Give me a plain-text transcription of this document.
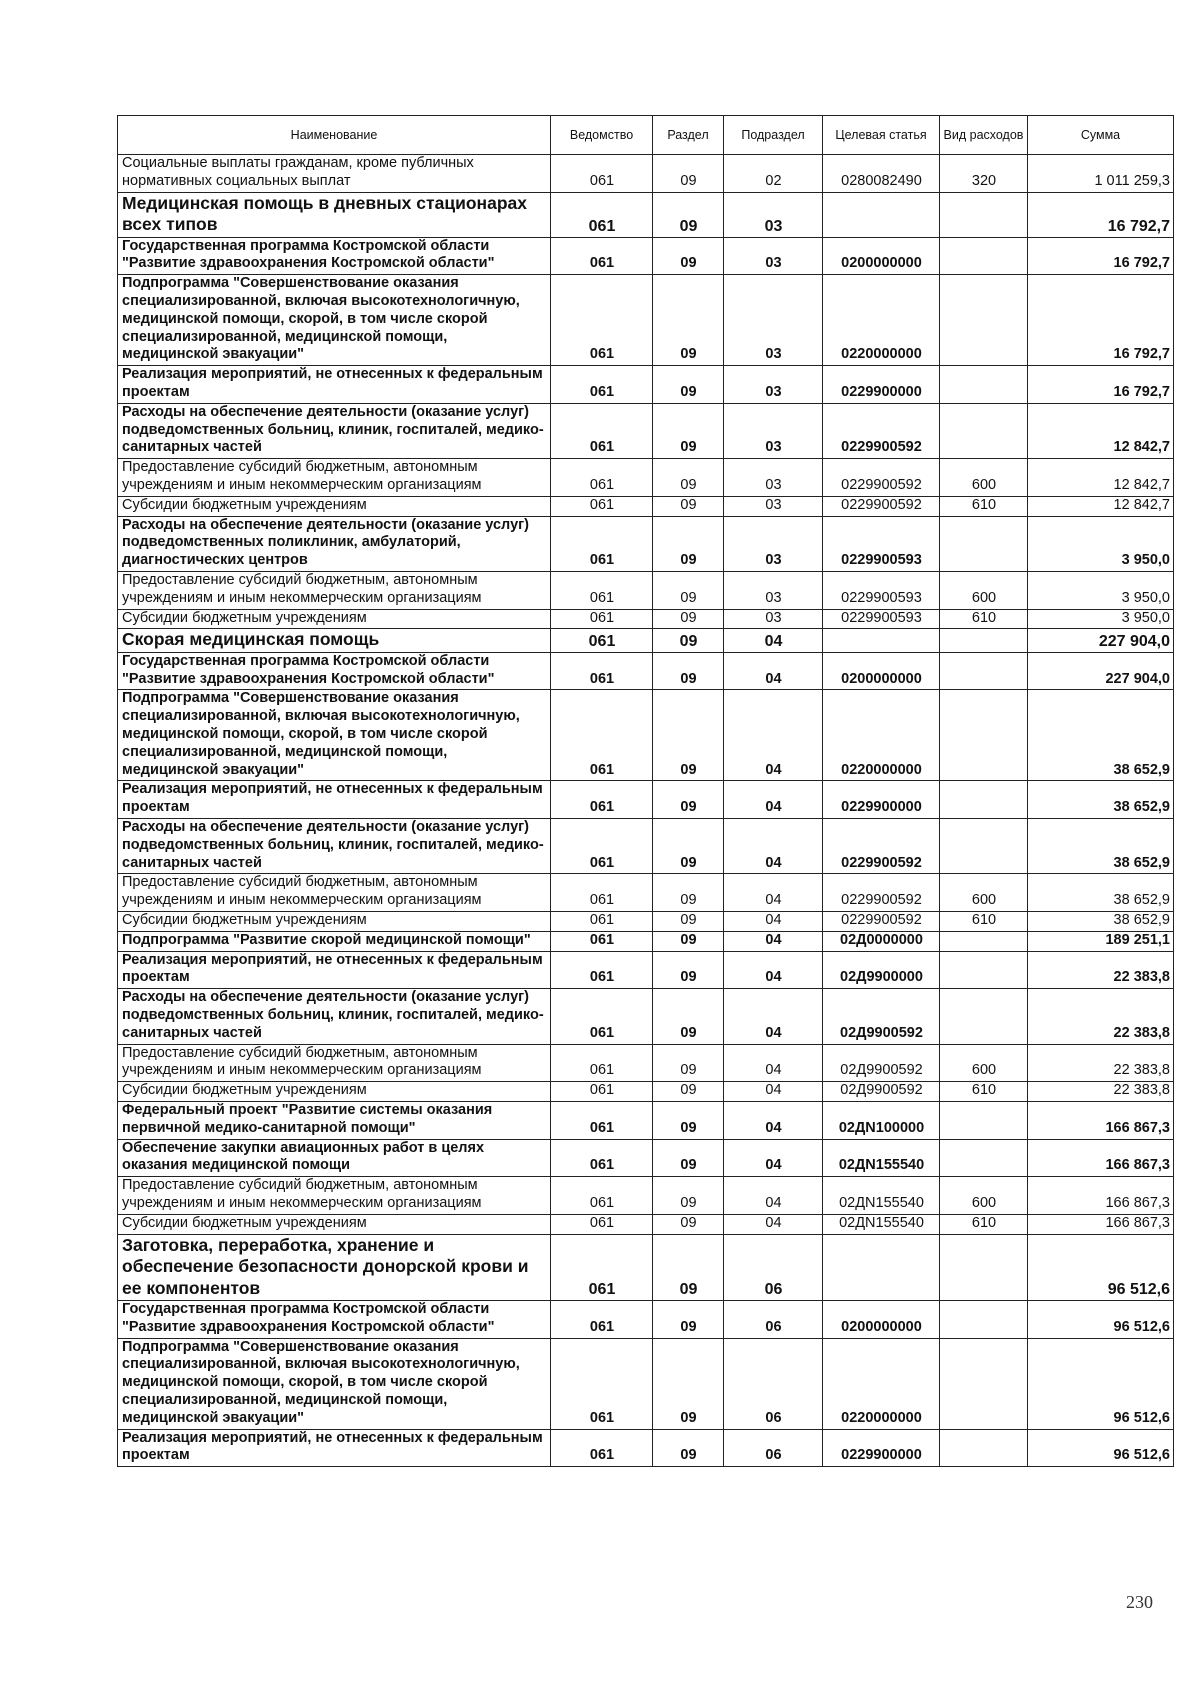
Наименование	Ведомство	Раздел	Подраздел	Целевая статья	Вид расходов	Сумма
Социальные выплаты гражданам, кроме публичных нормативных социальных выплат	061	09	02	0280082490	320	1 011 259,3
Медицинская помощь в дневных стационарах всех типов	061	09	03			16 792,7
Государственная программа Костромской области "Развитие здравоохранения Костромской области"	061	09	03	0200000000		16 792,7
Подпрограмма "Совершенствование оказания специализированной, включая высокотехнологичную, медицинской помощи, скорой, в том числе скорой специализированной, медицинской помощи, медицинской эвакуации"	061	09	03	0220000000		16 792,7
Реализация мероприятий, не отнесенных к федеральным проектам	061	09	03	0229900000		16 792,7
Расходы на обеспечение деятельности (оказание услуг) подведомственных больниц, клиник, госпиталей, медико-санитарных частей	061	09	03	0229900592		12 842,7
Предоставление субсидий бюджетным, автономным учреждениям и иным некоммерческим организациям	061	09	03	0229900592	600	12 842,7
Субсидии бюджетным учреждениям	061	09	03	0229900592	610	12 842,7
Расходы на обеспечение деятельности (оказание услуг) подведомственных поликлиник, амбулаторий, диагностических центров	061	09	03	0229900593		3 950,0
Предоставление субсидий бюджетным, автономным учреждениям и иным некоммерческим организациям	061	09	03	0229900593	600	3 950,0
Субсидии бюджетным учреждениям	061	09	03	0229900593	610	3 950,0
Скорая медицинская помощь	061	09	04			227 904,0
Государственная программа Костромской области "Развитие здравоохранения Костромской области"	061	09	04	0200000000		227 904,0
Подпрограмма "Совершенствование оказания специализированной, включая высокотехнологичную, медицинской помощи, скорой, в том числе скорой специализированной, медицинской помощи, медицинской эвакуации"	061	09	04	0220000000		38 652,9
Реализация мероприятий, не отнесенных к федеральным проектам	061	09	04	0229900000		38 652,9
Расходы на обеспечение деятельности (оказание услуг) подведомственных больниц, клиник, госпиталей, медико-санитарных частей	061	09	04	0229900592		38 652,9
Предоставление субсидий бюджетным, автономным учреждениям и иным некоммерческим организациям	061	09	04	0229900592	600	38 652,9
Субсидии бюджетным учреждениям	061	09	04	0229900592	610	38 652,9
Подпрограмма "Развитие скорой медицинской помощи"	061	09	04	02Д0000000		189 251,1
Реализация мероприятий, не отнесенных к федеральным проектам	061	09	04	02Д9900000		22 383,8
Расходы на обеспечение деятельности (оказание услуг) подведомственных больниц, клиник, госпиталей, медико-санитарных частей	061	09	04	02Д9900592		22 383,8
Предоставление субсидий бюджетным, автономным учреждениям и иным некоммерческим организациям	061	09	04	02Д9900592	600	22 383,8
Субсидии бюджетным учреждениям	061	09	04	02Д9900592	610	22 383,8
Федеральный проект "Развитие системы оказания первичной медико-санитарной помощи"	061	09	04	02ДN100000		166 867,3
Обеспечение закупки авиационных работ в целях оказания медицинской помощи	061	09	04	02ДN155540		166 867,3
Предоставление субсидий бюджетным, автономным учреждениям и иным некоммерческим организациям	061	09	04	02ДN155540	600	166 867,3
Субсидии бюджетным учреждениям	061	09	04	02ДN155540	610	166 867,3
Заготовка, переработка, хранение и обеспечение безопасности донорской крови и ее компонентов	061	09	06			96 512,6
Государственная программа Костромской области "Развитие здравоохранения Костромской области"	061	09	06	0200000000		96 512,6
Подпрограмма "Совершенствование оказания специализированной, включая высокотехнологичную, медицинской помощи, скорой, в том числе скорой специализированной, медицинской помощи, медицинской эвакуации"	061	09	06	0220000000		96 512,6
Реализация мероприятий, не отнесенных к федеральным проектам	061	09	06	0229900000		96 512,6
230
